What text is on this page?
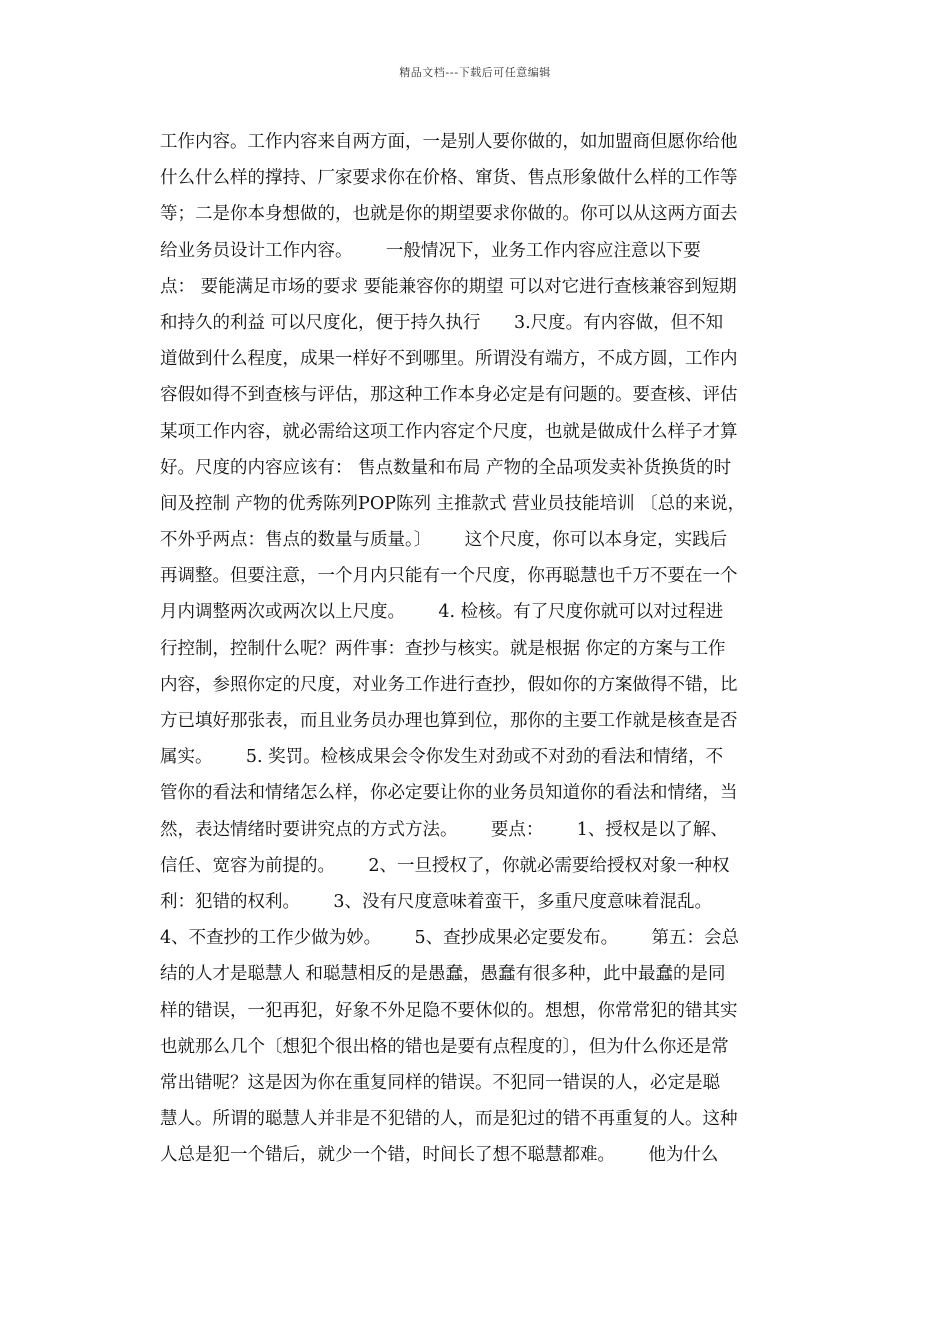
精品文档---下载后可任意编辑
工作内容。工作内容来自两方面，一是别人要你做的，如加盟商但愿你给他
什么什么样的撑持、厂家要求你在价格、窜货、售点形象做什么样的工作等
等；二是你本身想做的，也就是你的期望要求你做的。你可以从这两方面去
给业务员设计工作内容。      一般情况下，业务工作内容应注意以下要
点： 要能满足市场的要求 要能兼容你的期望 可以对它进行查核兼容到短期
和持久的利益 可以尺度化，便于持久执行      3.尺度。有内容做，但不知
道做到什么程度，成果一样好不到哪里。所谓没有端方，不成方圆，工作内
容假如得不到查核与评估，那这种工作本身必定是有问题的。要查核、评估
某项工作内容，就必需给这项工作内容定个尺度，也就是做成什么样子才算
好。尺度的内容应该有： 售点数量和布局 产物的全品项发卖补货换货的时
间及控制 产物的优秀陈列POP陈列 主推款式 营业员技能培训 〔总的来说，
不外乎两点：售点的数量与质量。〕      这个尺度，你可以本身定，实践后
再调整。但要注意，一个月内只能有一个尺度，你再聪慧也千万不要在一个
月内调整两次或两次以上尺度。      4. 检核。有了尺度你就可以对过程进
行控制，控制什么呢？两件事：查抄与核实。就是根据 你定的方案与工作
内容，参照你定的尺度，对业务工作进行查抄，假如你的方案做得不错，比
方已填好那张表，而且业务员办理也算到位，那你的主要工作就是核查是否
属实。      5. 奖罚。检核成果会令你发生对劲或不对劲的看法和情绪，不
管你的看法和情绪怎么样，你必定要让你的业务员知道你的看法和情绪，当
然，表达情绪时要讲究点的方式方法。      要点：      1、授权是以了解、
信任、宽容为前提的。      2、一旦授权了，你就必需要给授权对象一种权
利：犯错的权利。      3、没有尺度意味着蛮干，多重尺度意味着混乱。
4、不查抄的工作少做为妙。      5、查抄成果必定要发布。      第五：会总
结的人才是聪慧人 和聪慧相反的是愚蠢，愚蠢有很多种，此中最蠢的是同
样的错误，一犯再犯，好象不外足隐不要休似的。想想，你常常犯的错其实
也就那么几个〔想犯个很出格的错也是要有点程度的〕，但为什么你还是常
常出错呢？这是因为你在重复同样的错误。不犯同一错误的人，必定是聪
慧人。所谓的聪慧人并非是不犯错的人，而是犯过的错不再重复的人。这种
人总是犯一个错后，就少一个错，时间长了想不聪慧都难。      他为什么
